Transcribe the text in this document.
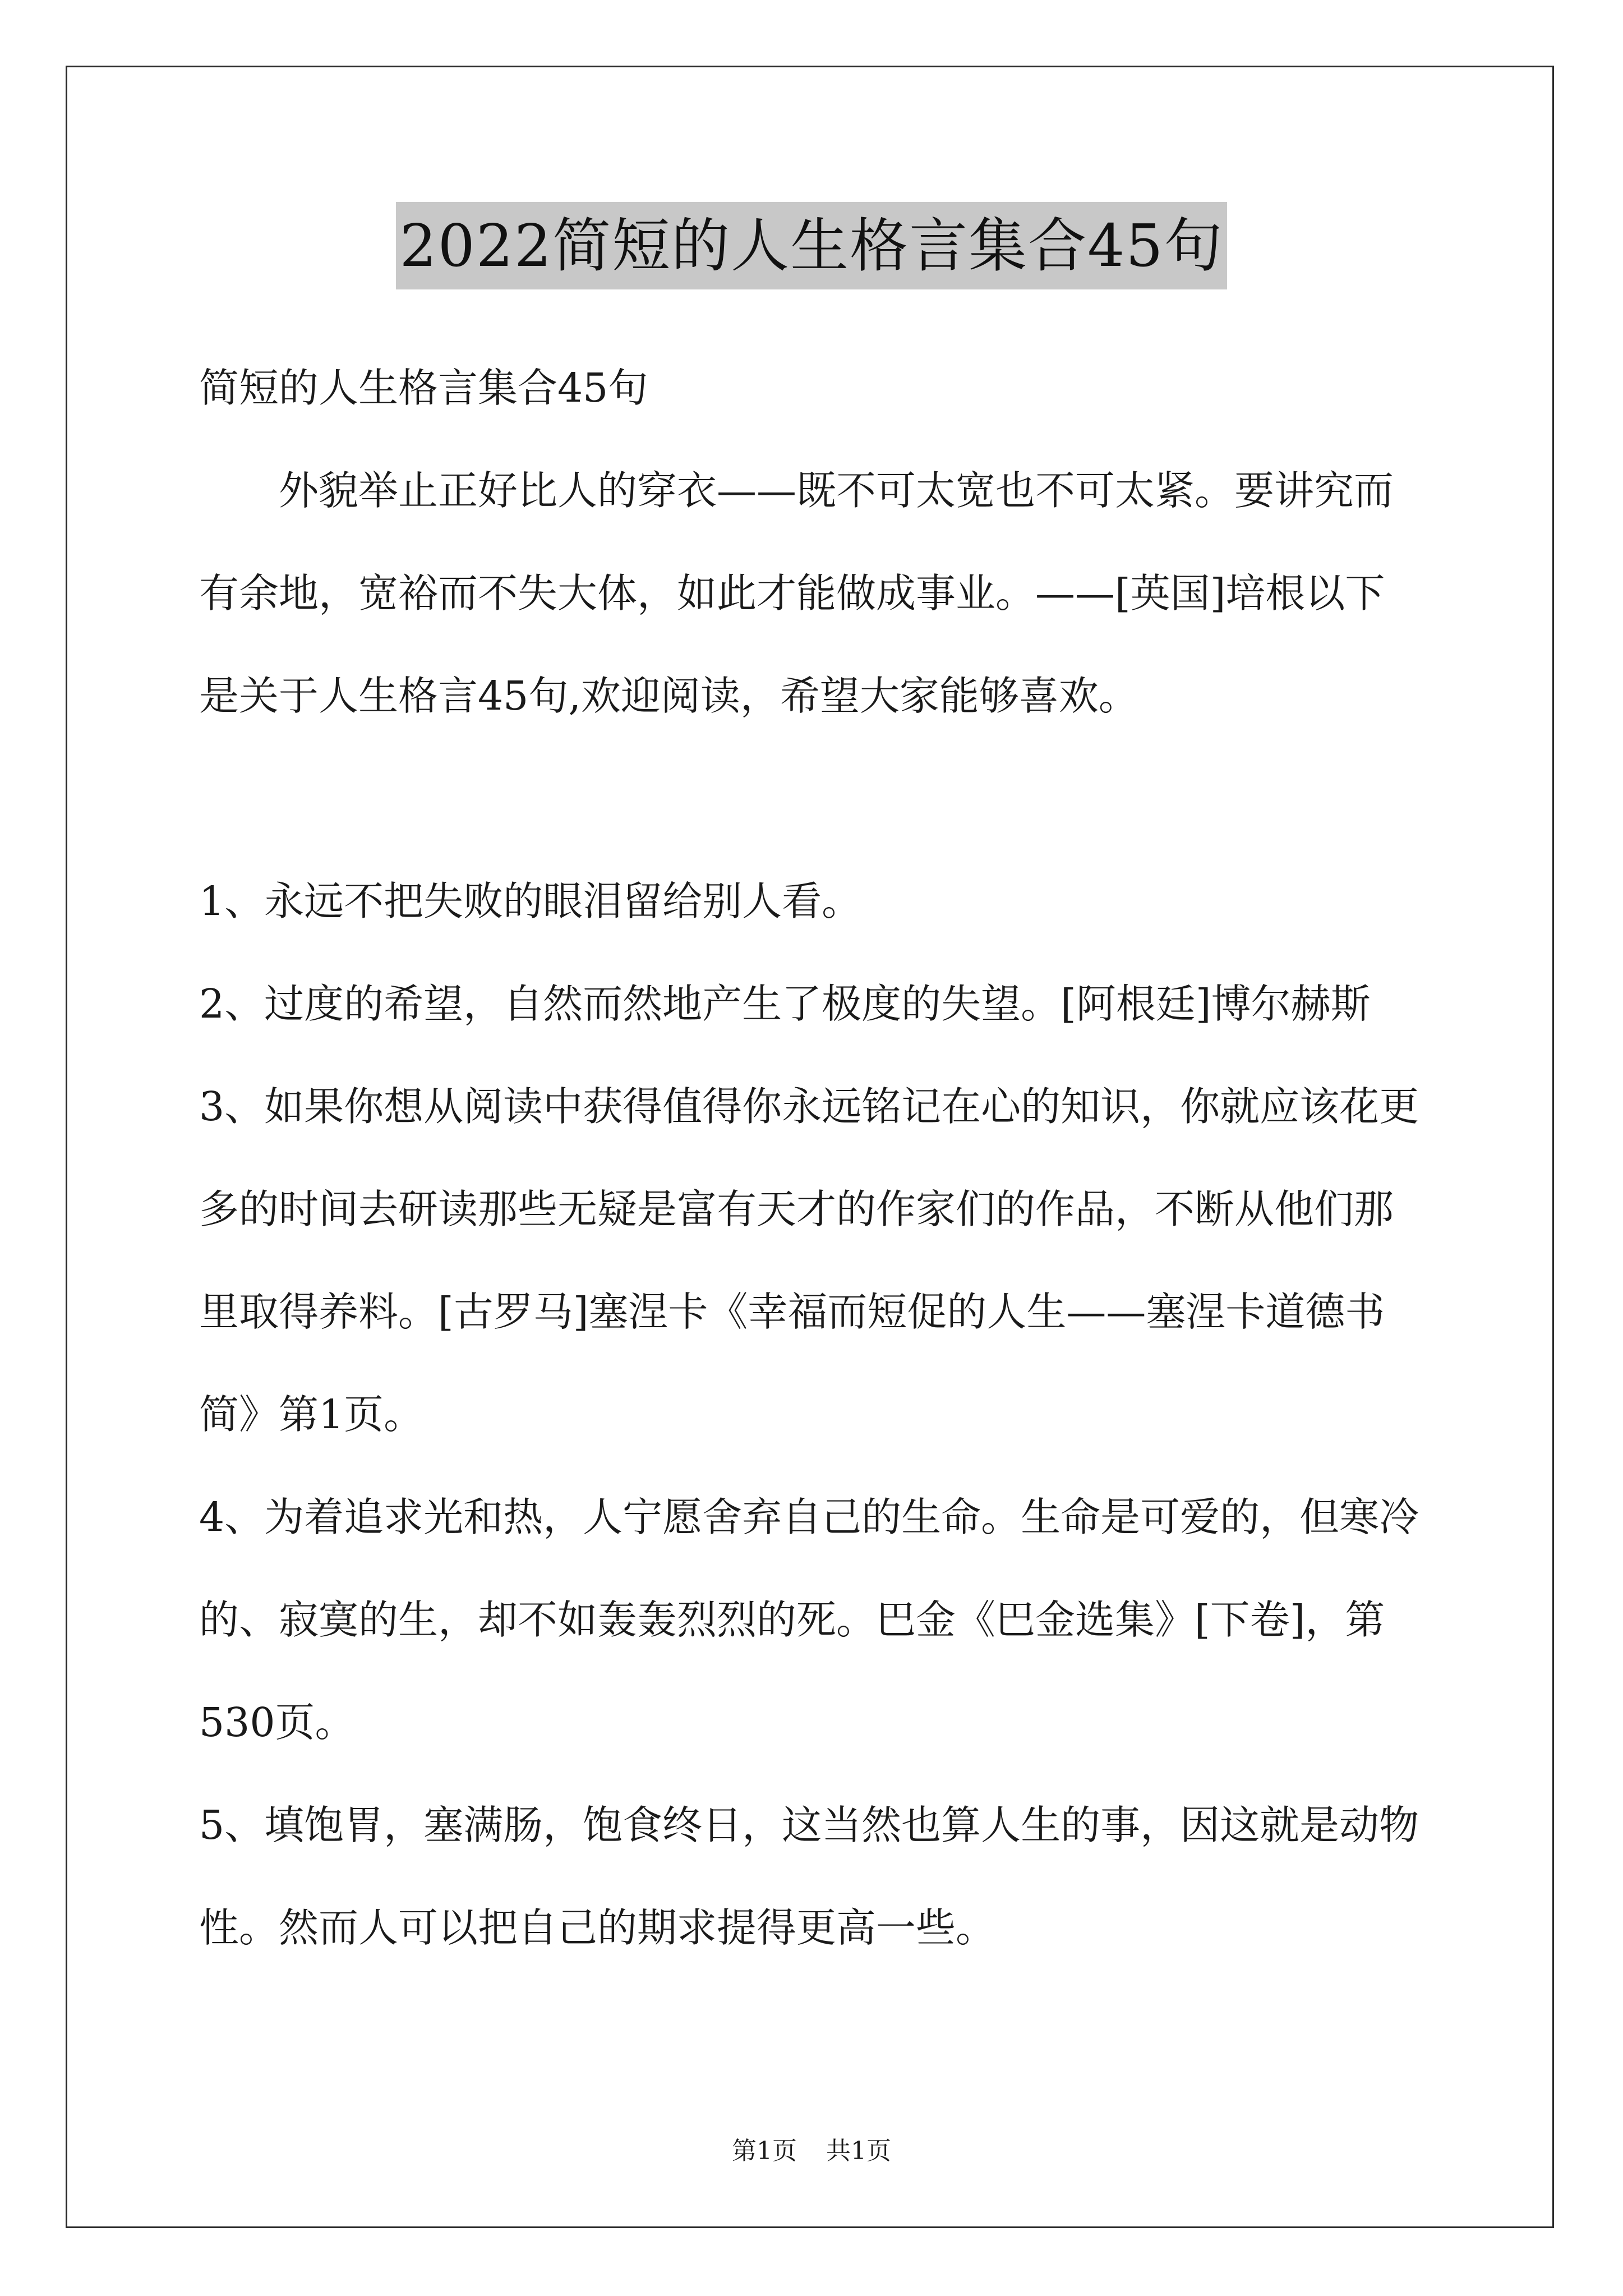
2022简短的人生格言集合45句

简短的人生格言集合45句

外貌举止正好比人的穿衣——既不可太宽也不可太紧。要讲究而

有余地，宽裕而不失大体，如此才能做成事业。——[英国]培根以下

是关于人生格言45句,欢迎阅读，希望大家能够喜欢。

1、永远不把失败的眼泪留给别人看。

2、过度的希望，自然而然地产生了极度的失望。[阿根廷]博尔赫斯

3、如果你想从阅读中获得值得你永远铭记在心的知识，你就应该花更

多的时间去研读那些无疑是富有天才的作家们的作品，不断从他们那

里取得养料。[古罗马]塞涅卡《幸福而短促的人生——塞涅卡道德书

简》第1页。

4、为着追求光和热，人宁愿舍弃自己的生命。生命是可爱的，但寒冷

的、寂寞的生，却不如轰轰烈烈的死。巴金《巴金选集》[下卷]，第

530页。

5、填饱胃，塞满肠，饱食终日，这当然也算人生的事，因这就是动物

性。然而人可以把自己的期求提得更高一些。

第1页 共1页
